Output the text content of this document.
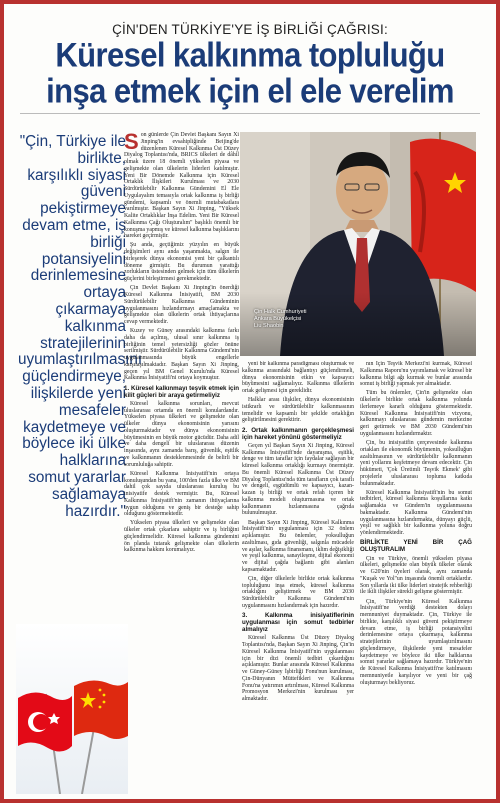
ÇİN'DEN TÜRKİYE'YE İŞ BİRLİĞİ ÇAĞRISI:
Küresel kalkınma topluluğu
inşa etmek için el ele verelim
"Çin, Türkiye ile birlikte, karşılıklı siyasi güveni pekiştirmeye devam etme, iş birliği potansiyelini derinlemesine ortaya çıkarmaya kalkınma stratejilerinin uyumlaştırılmasını güçlendirmeye, ilişkilerde yeni mesafeler kaydetmeye ve böylece iki ülke halklarına somut yararlar sağlamaya hazırdır."
Çin Halk Cumhuriyeti
Ankara Büyükelçisi
Liu Shaobin

Son günlerde Çin Devlet Başkanı Sayın Xi Jinping'in evsahipliğinde Beijing'de düzenlenen Küresel Kalkınma Üst Düzey Diyalog Toplantısı'nda, BRICS ülkeleri de dâhil olmak üzere 18 önemli yükselen piyasa ve gelişmekte olan ülkelerin liderleri katılmıştır. Yeni Bir Dönemde Kalkınma için Küresel Ortaklık İlişkileri Kurulması ve 2030 Sürdürülebilir Kalkınma Gündemini El Ele Uygulayalım temasıyla ortak kalkınma iş birliği gündemi, kapsamlı ve önemli mutabakatlara varılmıştır. Başkan Sayın Xi Jinping, "Yüksek Kalite Ortaklıklar İnşa Edelim. Yeni Bir Küresel Kalkınma Çağı Oluşturalım" başlıklı önemli bir konuşma yapmış ve küresel kalkınma başlıklarını hareket geçirmiştir.

Şu anda, geçtiğimiz yüzyılın en büyük değişimleri aynı anda yaşanmakta, salgın ile birleşerek dünya ekonomisi yeni bir çalkantılı döneme girmiştir. Bu durumun yarattığı zorlukların üstesinden gelmek için tüm ülkelerin güçlerini birleştirmesi gerekmektedir.

Çin Devlet Başkanı Xi Jinping'in önerdiği Küresel Kalkınma İnisiyatifi, BM 2030 Sürdürülebilir Kalkınma Gündeminin uygulanmasını hızlandırmayı amaçlamakta ve gelişmekte olan ülkelerin ortak ihtiyaçlarına cevap vermektedir.

Kuzey ve Güney arasındaki kalkınma farkı daha da açılmış, ulusal sınır kalkınma iş birliğinin temel yetersizliği gözler önüne serilmiştir. Sürdürülebilir Kalkınma Gündemi'nin uygulanmasında büyük engellerle karşılaşılmaktadır. Başkan Sayın Xi Jinping, geçen yıl BM Genel Kurulu'nda Küresel Kalkınma İnisiyatifi'ni ortaya koymuştur.

1. Küresel kalkınmayı teşvik etmek için kilit güçleri bir araya getirmeliyiz

Küresel kalkınma sorunları, mevcut uluslararası ortamda en önemli konulardandır. Yükselen piyasa ülkeleri ve gelişmekte olan ülkeler dünya ekonomisinin yarısını oluşturmaktadır ve dünya ekonomisinin büyümesinin en büyük motor gücüdür. Daha adil ve daha dengeli bir uluslararası düzenin inşasında, aynı zamanda barış, güvenlik, eşitlik ve kalkınmanın desteklenmesinde de belirli bir sorumluluğa sahiptir.

Küresel Kalkınma İnisiyatifi'nin ortaya konuluşundan bu yana, 100'den fazla ülke ve BM dahil çok sayıda uluslararası kuruluş bu inisiyatife destek vermiştir. Bu, Küresel Kalkınma İnisiyatifi'nin zamanın ihtiyaçlarına uygun olduğunu ve geniş bir desteğe sahip olduğunu göstermektedir.

Yükselen piyasa ülkeleri ve gelişmekte olan ülkeler ortak çıkarlara sahiptir ve iş birliğini güçlendirmelidir. Küresel kalkınma gündemini ön planda tutarak gelişmekte olan ülkelerin kalkınma hakkını korumalıyız.

yeni bir kalkınma paradigması oluşturmak ve kalkınma arasındaki bağlantıyı güçlendirmeli, dünya ekonomisinin etkin ve kapsayıcı büyümesini sağlamalıyız. Kalkınma ülkelerin ortak gelişmesi için gereklidir.

Halklar arası ilişkiler, dünya ekonomisinin istikrarlı ve sürdürülebilir kalkınmasının temelidir ve kapsamlı bir şekilde ortaklığın geliştirilmesini gerektirir.

2. Ortak kalkınmanın gerçekleşmesi için hareket yönünü göstermeliyiz

Geçen yıl Başkan Sayın Xi Jinping, Küresel Kalkınma İnisiyatifi'nde dayanışma, eşitlik, denge ve tüm taraflar için faydalar sağlayan bir küresel kalkınma ortaklığı kurmayı önermiştir. Bu önemli Küresel Kalkınma Üst Düzey Diyalog Toplantısı'nda tüm tarafların çok taraflı ve dengeli, eşgüdümlü ve kapsayıcı, kazan-kazan iş birliği ve ortak refah içeren bir kalkınma modeli oluşturmasına ve ortak kalkınmanın hızlanmasına çağrıda bulunulmuştur.

Başkan Sayın Xi Jinping, Küresel Kalkınma İnisiyatifi'nin uygulanması için 32 önlem açıklamıştır. Bu önlemler, yoksulluğun azaltılması, gıda güvenliği, salgınla mücadele ve aşılar, kalkınma finansmanı, iklim değişikliği ve yeşil kalkınma, sanayileşme, dijital ekonomi ve dijital çağda bağlantı gibi alanları kapsamaktadır.

Çin, diğer ülkelerle birlikte ortak kalkınma topluluğunu inşa etmek, küresel kalkınma ortaklığını geliştirmek ve BM 2030 Sürdürülebilir Kalkınma Gündemi'nin uygulanmasını hızlandırmak için hazırdır.

3. Kalkınma inisiyatiflerinin uygulanması için somut tedbirler almalıyız

Küresel Kalkınma Üst Düzey Diyalog Toplantısı'nda, Başkan Sayın Xi Jinping, Çin'in Küresel Kalkınma İnisiyatifi'nin uygulanması için bir dizi önemli tedbiri çıkardığını açıklamıştır. Bunlar arasında Küresel Kalkınma ve Güney-Güney İşbirliği Fonu'nun kurulması, Çin-Dünyanın Müttefikleri ve Kalkınma Fonu'na yatırımın artırılması, Küresel Kalkınma Promosyon Merkezi'nin kurulması yer almaktadır.

nın İçin Teşvik Merkezi'ni kurmak, Küresel Kalkınma Raporu'nu yayımlamak ve küresel bir kalkınma bilgi ağı kurmak ve bunlar arasında somut iş birliği yapmak yer almaktadır.

Tüm bu önlemler, Çin'in gelişmekte olan ülkelerle birlikte ortak kalkınma yolunda ilerlemeye kararlı olduğunu göstermektedir. Küresel Kalkınma İnisiyatifi'nin vizyonu, kalkınmayı uluslararası gündemin merkezine geri getirmek ve BM 2030 Gündemi'nin uygulanmasını hızlandırmaktır.

Çin, bu inisiyatifin çerçevesinde kalkınma ortakları ile ekonomik büyümenin, yoksulluğun azaltılmasının ve sürdürülebilir kalkınmanın yeni yollarını keşfetmeye devam edecektir. Çin hükümeti, 'Çok Üretimli Teşvik Ekmek' gibi projelerle uluslararası topluma katkıda bulunmaktadır.

Küresel Kalkınma İnisiyatifi'nin bu somut tedbirleri, küresel kalkınma koşullarına katkı sağlamakta ve Gündem'in uygulanmasına bakmaktadır. Kalkınma Gündemi'nin uygulanmasına hızlandırmakta, dünyayı güçlü, yeşil ve sağlıklı bir kalkınma yoluna doğru yönlendirmektedir.

BİRLİKTE YENİ BİR ÇAĞ OLUŞTURALIM

Çin ve Türkiye, önemli yükselen piyasa ülkeleri, gelişmekte olan büyük ülkeler olarak ve G20'nin üyeleri olarak, aynı zamanda "Kuşak ve Yol"un inşasında önemli ortaklardır. Son yıllarda iki ülke liderleri stratejik rehberliği ile ikili ilişkiler sürekli gelişme göstermiştir.

Çin, Türkiye'nin Küresel Kalkınma İnisiyatifi'ne verdiği destekten dolayı memnuniyet duymaktadır. Çin, Türkiye ile birlikte, karşılıklı siyasi güveni pekiştirmeye devam etme, iş birliği potansiyelini derinlemesine ortaya çıkarmaya, kalkınma stratejilerinin uyumlaştırılmasını güçlendirmeye, ilişkilerde yeni mesafeler kaydetmeye ve böylece iki ülke halklarına somut yararlar sağlamaya hazırdır. Türkiye'nin de Küresel Kalkınma İnisiyatifi'ne katılmasını memnuniyetle karşılıyor ve yeni bir çağ oluşturmayı bekliyoruz.
